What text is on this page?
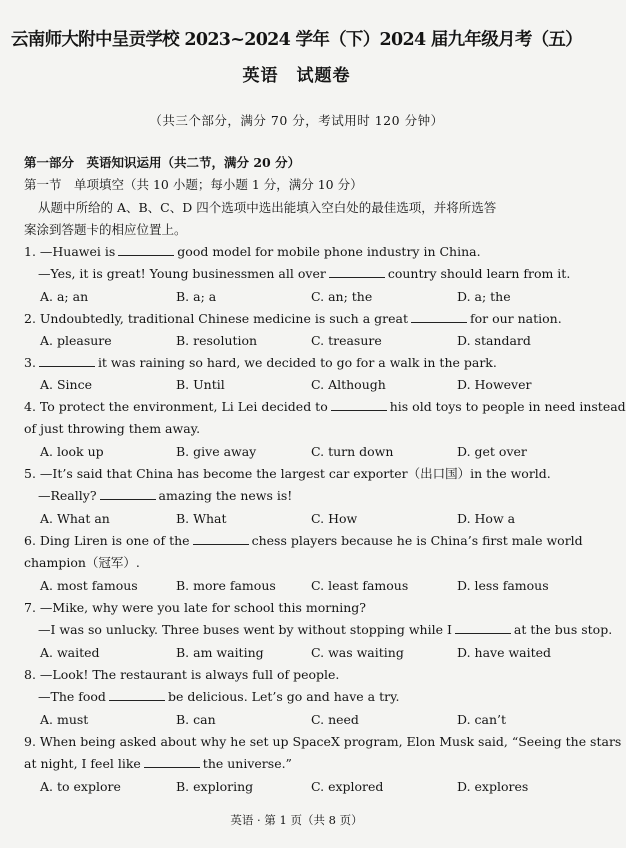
云南师大附中呈贡学校 2023~2024 学年（下）2024 届九年级月考（五）
英语　试题卷
（共三个部分，满分 70 分，考试用时 120 分钟）
第一部分　英语知识运用（共二节，满分 20 分）
第一节　单项填空（共 10 小题；每小题 1 分，满分 10 分）
从题中所给的 A、B、C、D 四个选项中选出能填入空白处的最佳选项，并将所选答
案涂到答题卡的相应位置上。
1. —Huawei is	good model for mobile phone industry in China.
—Yes, it is great! Young businessmen all over	country should learn from it.
A. a; an	B. a; a	C. an; the	D. a; the
2. Undoubtedly, traditional Chinese medicine is such a great	for our nation.
A. pleasure	B. resolution	C. treasure	D. standard
3.	it was raining so hard, we decided to go for a walk in the park.
A. Since	B. Until	C. Although	D. However
4. To protect the environment, Li Lei decided to	his old toys to people in need instead
of just throwing them away.
A. look up	B. give away	C. turn down	D. get over
5. —It’s said that China has become the largest car exporter（出口国）in the world.
—Really?	amazing the news is!
A. What an	B. What	C. How	D. How a
6. Ding Liren is one of the	chess players because he is China’s first male world
champion（冠军）.
A. most famous	B. more famous	C. least famous	D. less famous
7. —Mike, why were you late for school this morning?
—I was so unlucky. Three buses went by without stopping while I	at the bus stop.
A. waited	B. am waiting	C. was waiting	D. have waited
8. —Look! The restaurant is always full of people.
—The food	be delicious. Let’s go and have a try.
A. must	B. can	C. need	D. can’t
9. When being asked about why he set up SpaceX program, Elon Musk said, “Seeing the stars
at night, I feel like	the universe.”
A. to explore	B. exploring	C. explored	D. explores
英语 · 第 1 页（共 8 页）
